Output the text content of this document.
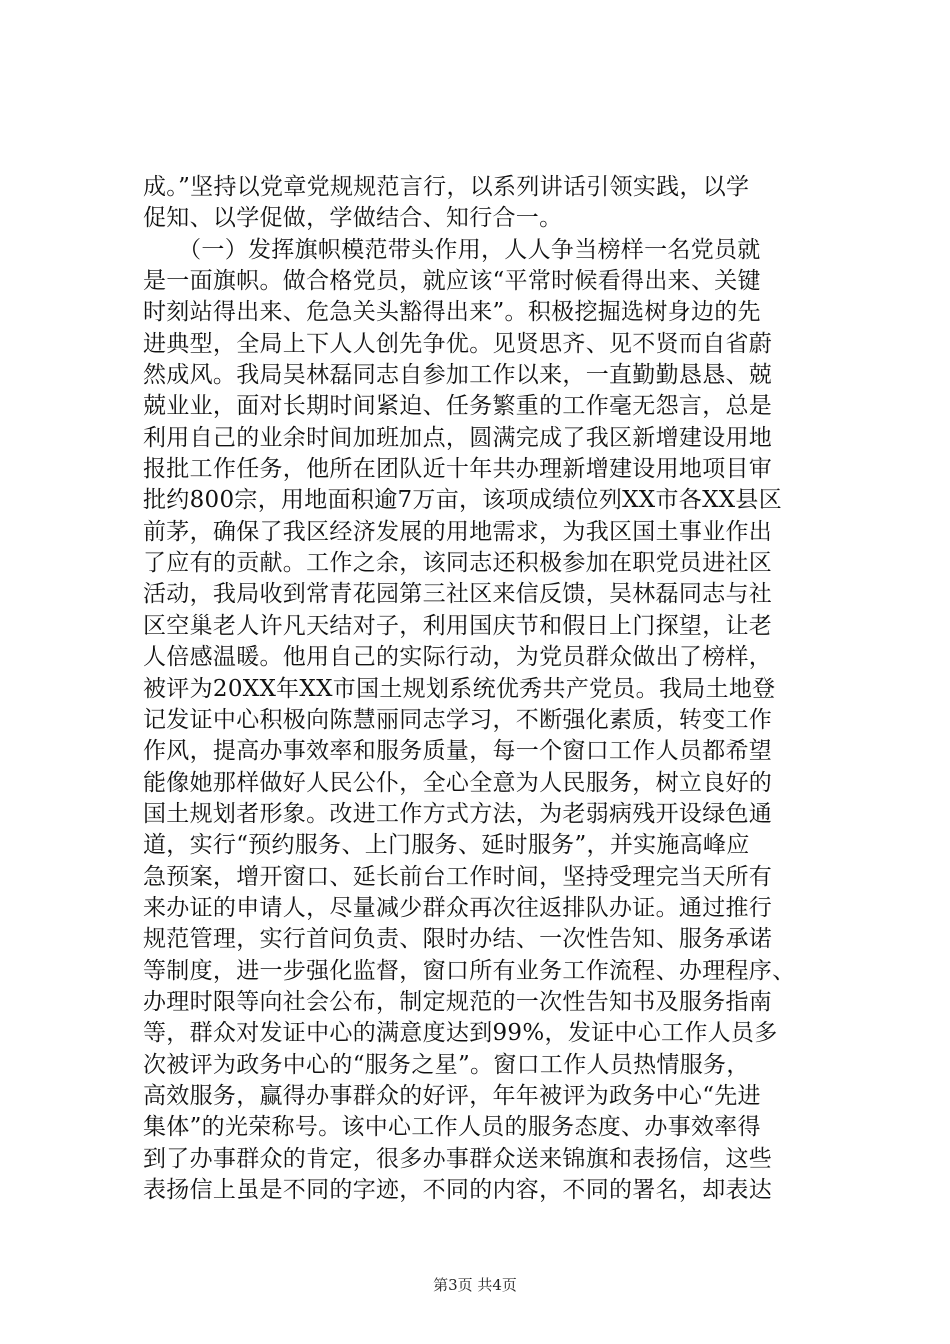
成。”坚持以党章党规规范言行，以系列讲话引领实践，以学
促知、以学促做，学做结合、知行合一。
　　（一）发挥旗帜模范带头作用，人人争当榜样一名党员就
是一面旗帜。做合格党员，就应该“平常时候看得出来、关键
时刻站得出来、危急关头豁得出来”。积极挖掘选树身边的先
进典型，全局上下人人创先争优。见贤思齐、见不贤而自省蔚
然成风。我局吴林磊同志自参加工作以来，一直勤勤恳恳、兢
兢业业，面对长期时间紧迫、任务繁重的工作毫无怨言，总是
利用自己的业余时间加班加点，圆满完成了我区新增建设用地
报批工作任务，他所在团队近十年共办理新增建设用地项目审
批约800宗，用地面积逾7万亩，该项成绩位列XX市各XX县区
前茅，确保了我区经济发展的用地需求，为我区国土事业作出
了应有的贡献。工作之余，该同志还积极参加在职党员进社区
活动，我局收到常青花园第三社区来信反馈，吴林磊同志与社
区空巢老人许凡天结对子，利用国庆节和假日上门探望，让老
人倍感温暖。他用自己的实际行动，为党员群众做出了榜样，
被评为20XX年XX市国土规划系统优秀共产党员。我局土地登
记发证中心积极向陈慧丽同志学习，不断强化素质，转变工作
作风，提高办事效率和服务质量，每一个窗口工作人员都希望
能像她那样做好人民公仆，全心全意为人民服务，树立良好的
国土规划者形象。改进工作方式方法，为老弱病残开设绿色通
道，实行“预约服务、上门服务、延时服务”，并实施高峰应
急预案，增开窗口、延长前台工作时间，坚持受理完当天所有
来办证的申请人，尽量减少群众再次往返排队办证。通过推行
规范管理，实行首问负责、限时办结、一次性告知、服务承诺
等制度，进一步强化监督，窗口所有业务工作流程、办理程序、
办理时限等向社会公布，制定规范的一次性告知书及服务指南
等，群众对发证中心的满意度达到99%，发证中心工作人员多
次被评为政务中心的“服务之星”。窗口工作人员热情服务，
高效服务，赢得办事群众的好评，年年被评为政务中心“先进
集体”的光荣称号。该中心工作人员的服务态度、办事效率得
到了办事群众的肯定，很多办事群众送来锦旗和表扬信，这些
表扬信上虽是不同的字迹，不同的内容，不同的署名，却表达
第3页 共4页
